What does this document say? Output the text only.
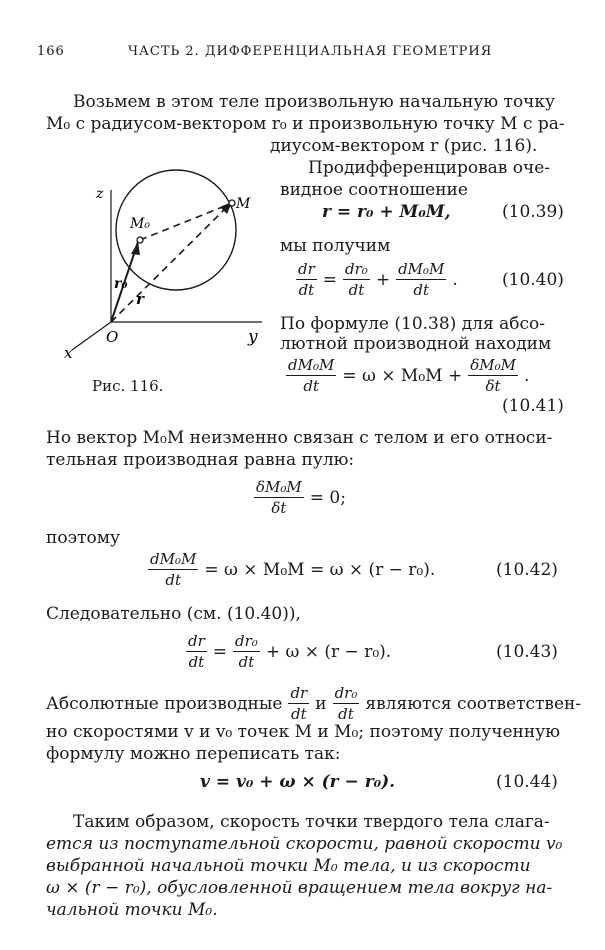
166	ЧАСТЬ 2. ДИФФЕРЕНЦИАЛЬНАЯ ГЕОМЕТРИЯ
Возьмем в этом теле произвольную начальную точку
M₀ с радиусом-вектором r₀ и произвольную точку M с ра-
диусом-вектором r (рис. 116).
z
y
x
O
M
M₀
r₀
r
Рис. 116.
Продифференцировав оче-
видное соотношение
r = r₀ + M₀M,	(10.39)
мы получим
$\frac{dr}{dt} = \frac{\text{dr₀}}{dt} + \frac{\text{dM₀M}}{dt}$ .	(10.40)
По формуле (10.38) для абсо-
лютной производной находим
$\frac{\text{dM₀M}}{dt} = \omega \times M_0M + \frac{\text{δM₀M}}{\delta t}$ .
(10.41)
Но вектор M₀M неизменно связан с телом и его относи-
тельная производная равна пулю:
$\frac{\text{δM₀M}}{\delta t} = 0$;
поэтому
$\frac{\text{dM₀M}}{dt} = \omega \times M_0M = \omega \times (r - r_0)$.	(10.42)
Следовательно (см. (10.40)),
$\frac{dr}{dt} = \frac{\text{dr₀}}{dt} + \omega \times (r - r_0)$.	(10.43)
Абсолютные производные $\frac{dr}{dt}$ и $\frac{\text{dr₀}}{dt}$ являются соответствен-
но скоростями v и v₀ точек M и M₀; поэтому полученную
формулу можно переписать так:
v = v₀ + ω × (r − r₀).	(10.44)
Таким образом, скорость точки твердого тела слага-
ется из поступательной скорости, равной скорости v₀
выбранной начальной точки M₀ тела, и из скорости
ω × (r − r₀), обусловленной вращением тела вокруг на-
чальной точки M₀.
